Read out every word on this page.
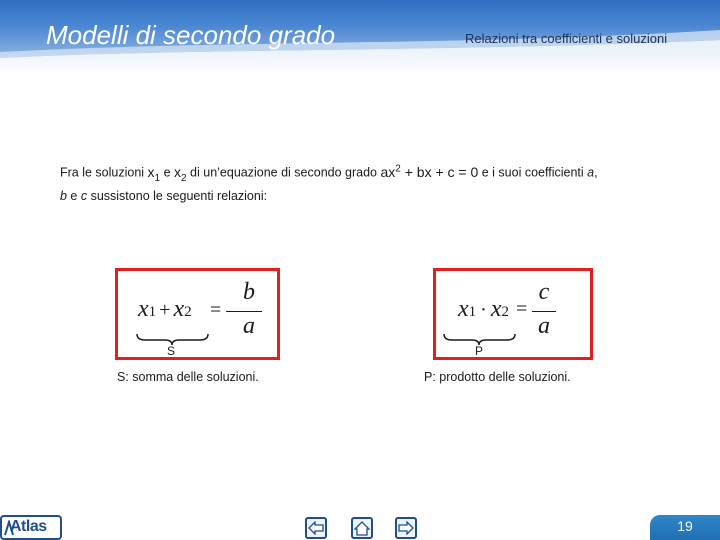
Modelli di secondo grado	Relazioni tra coefficienti e soluzioni
Fra le soluzioni $x_1$ e $x_2$ di un’equazione di secondo grado $ax^2$ + bx + c = 0 e i suoi coefficienti a,
b e c sussistono le seguenti relazioni:
x1 + x2 = –
b
a
S
S: somma delle soluzioni.
x1 · x2 =
c
a
P
P: prodotto delle soluzioni.
Atlas	19
